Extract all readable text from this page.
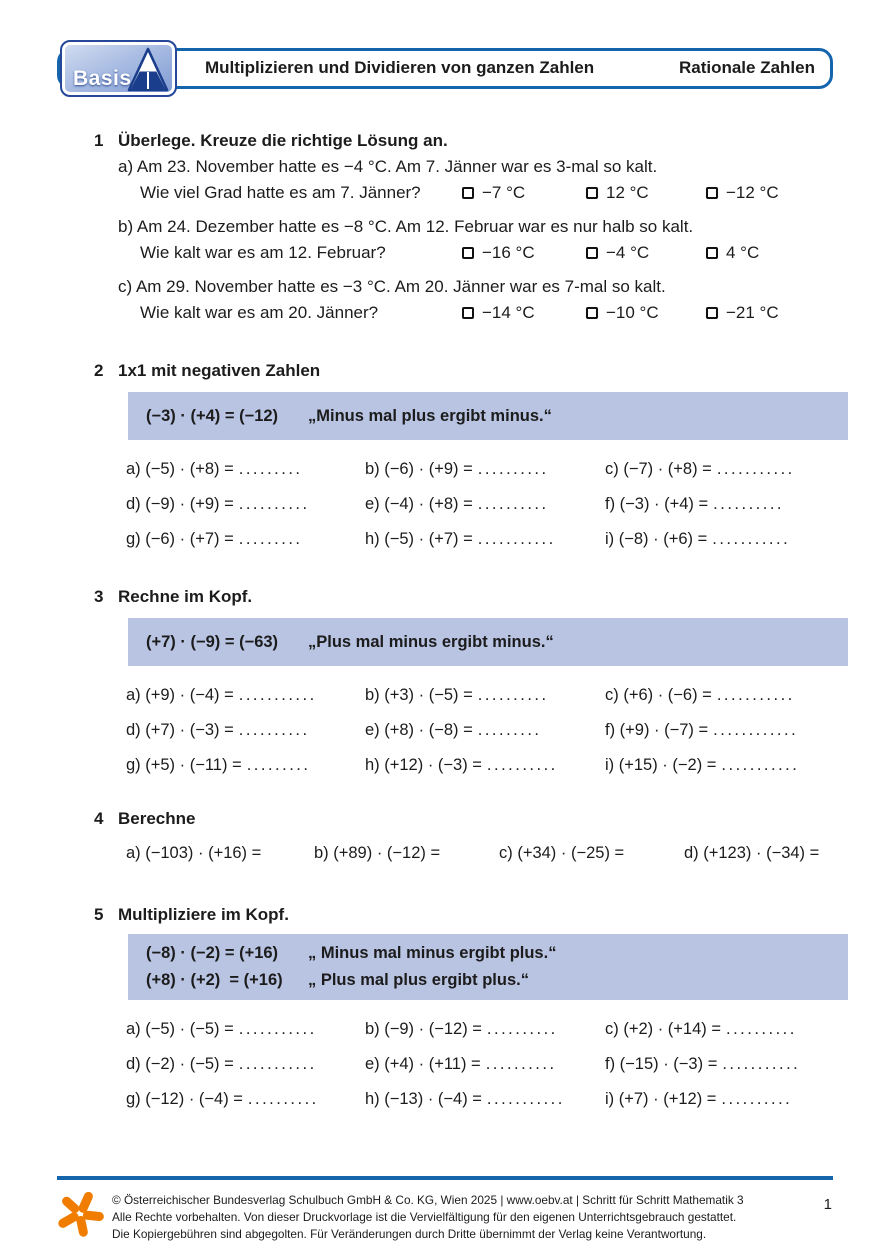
Basis	Multiplizieren und Dividieren von ganzen Zahlen	Rationale Zahlen
1 Überlege. Kreuze die richtige Lösung an.
a) Am 23. November hatte es −4 °C. Am 7. Jänner war es 3-mal so kalt.
Wie viel Grad hatte es am 7. Jänner?	−7 °C	12 °C	−12 °C
b) Am 24. Dezember hatte es −8 °C. Am 12. Februar war es nur halb so kalt.
Wie kalt war es am 12. Februar?	−16 °C	−4 °C	4 °C
c) Am 29. November hatte es −3 °C. Am 20. Jänner war es 7-mal so kalt.
Wie kalt war es am 20. Jänner?	−14 °C	−10 °C	−21 °C
2 1x1 mit negativen Zahlen
(−3) · (+4) = (−12)	„Minus mal plus ergibt minus.“
a) (−5) · (+8) = .........	b) (−6) · (+9) = ..........	c) (−7) · (+8) = ...........
d) (−9) · (+9) = ..........	e) (−4) · (+8) = ..........	f) (−3) · (+4) = ..........
g) (−6) · (+7) = .........	h) (−5) · (+7) = ...........	i) (−8) · (+6) = ...........
3 Rechne im Kopf.
(+7) · (−9) = (−63)	„Plus mal minus ergibt minus.“
a) (+9) · (−4) = ...........	b) (+3) · (−5) = ..........	c) (+6) · (−6) = ...........
d) (+7) · (−3) = ..........	e) (+8) · (−8) = .........	f) (+9) · (−7) = ............
g) (+5) · (−11) = .........	h) (+12) · (−3) = ..........	i) (+15) · (−2) = ...........
4 Berechne
a) (−103) · (+16) =	b) (+89) · (−12) =	c) (+34) · (−25) =	d) (+123) · (−34) =
5 Multipliziere im Kopf.
(−8) · (−2) = (+16)	„ Minus mal minus ergibt plus.“
(+8) · (+2)  = (+16)	„ Plus mal plus ergibt plus.“
a) (−5) · (−5) = ...........	b) (−9) · (−12) = ..........	c) (+2) · (+14) = ..........
d) (−2) · (−5) = ...........	e) (+4) · (+11) = ..........	f) (−15) · (−3) = ...........
g) (−12) · (−4) = ..........	h) (−13) · (−4) = ...........	i) (+7) · (+12) = ..........
© Österreichischer Bundesverlag Schulbuch GmbH & Co. KG, Wien 2025 | www.oebv.at | Schritt für Schritt Mathematik 3
Alle Rechte vorbehalten. Von dieser Druckvorlage ist die Vervielfältigung für den eigenen Unterrichtsgebrauch gestattet.
Die Kopiergebühren sind abgegolten. Für Veränderungen durch Dritte übernimmt der Verlag keine Verantwortung.
1
